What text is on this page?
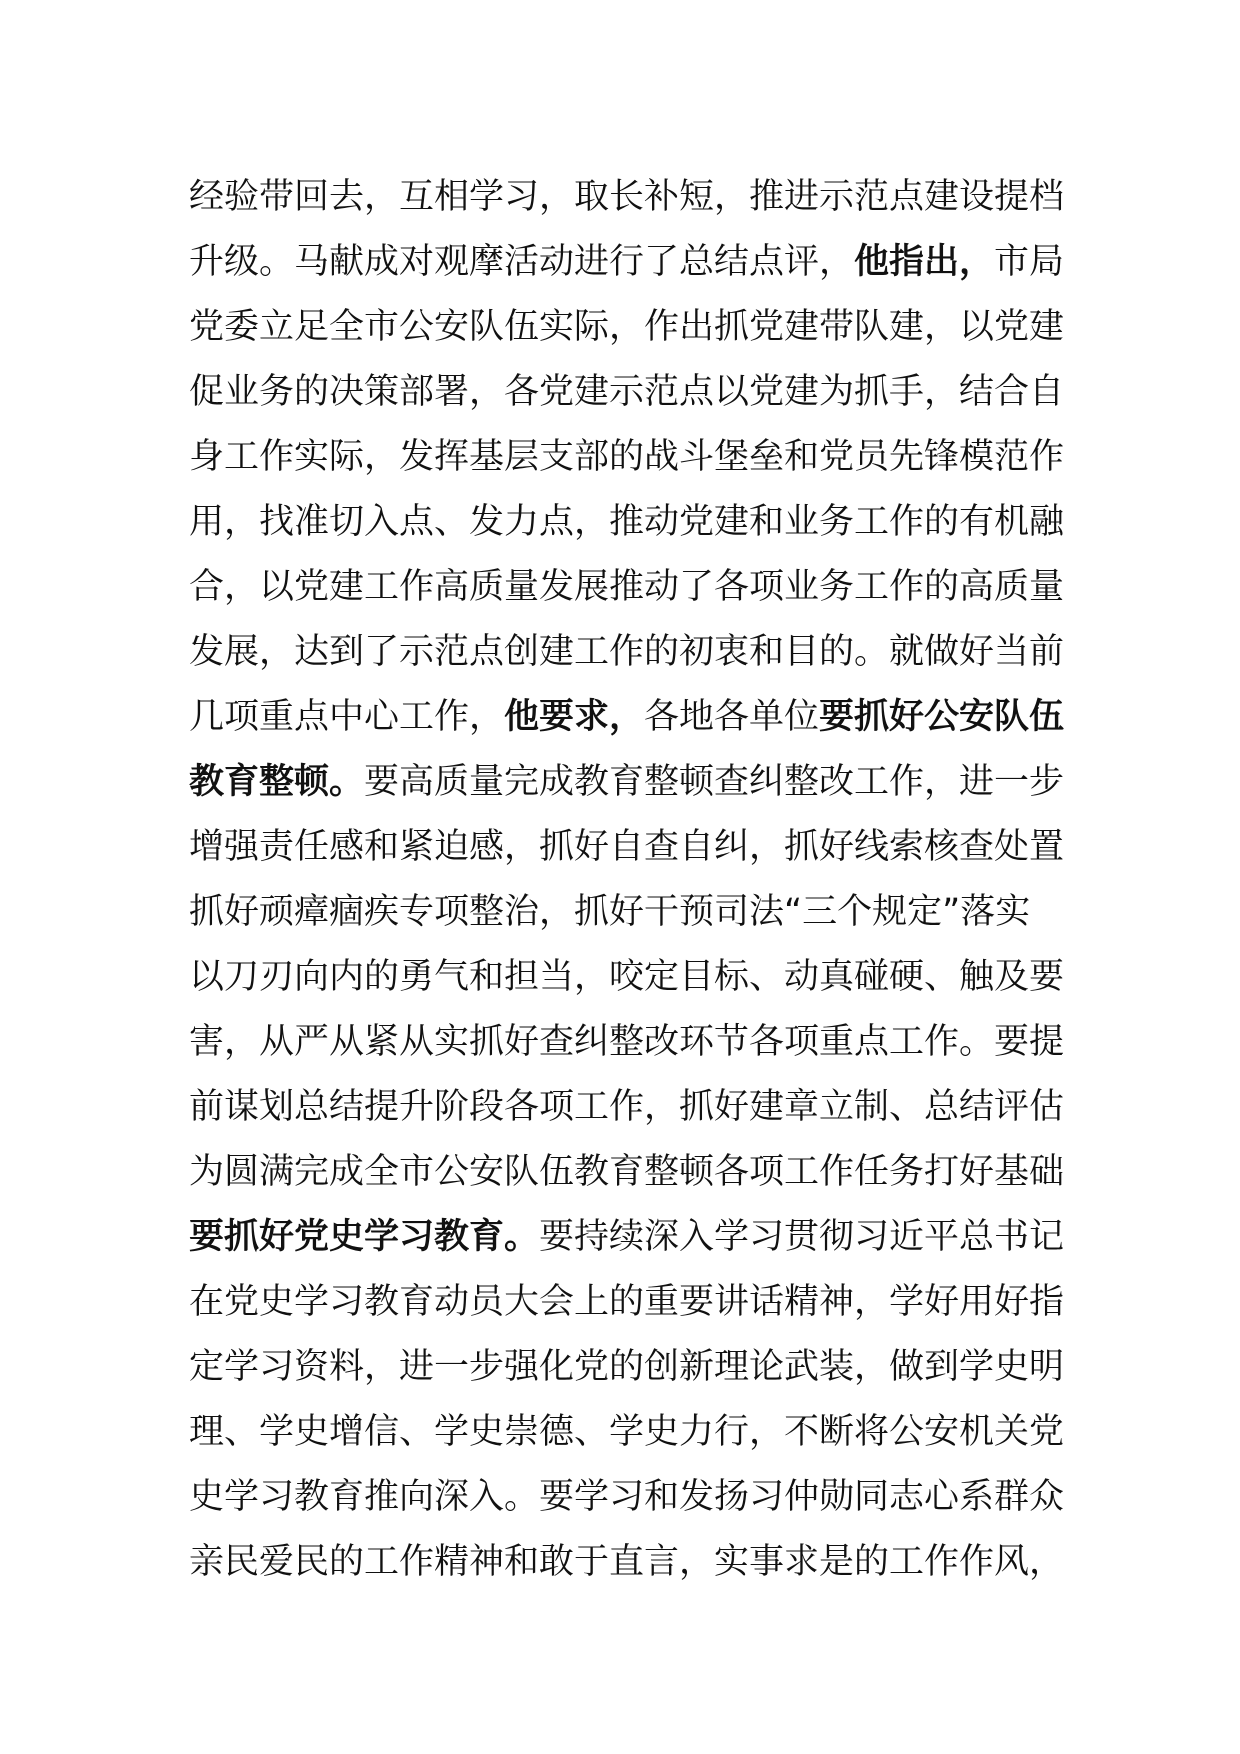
经验带回去，互相学习，取长补短，推进示范点建设提档
升级。马献成对观摩活动进行了总结点评，他指出，市局
党委立足全市公安队伍实际，作出抓党建带队建，以党建
促业务的决策部署，各党建示范点以党建为抓手，结合自
身工作实际，发挥基层支部的战斗堡垒和党员先锋模范作
用，找准切入点、发力点，推动党建和业务工作的有机融
合，以党建工作高质量发展推动了各项业务工作的高质量
发展，达到了示范点创建工作的初衷和目的。就做好当前
几项重点中心工作，他要求，各地各单位要抓好公安队伍
教育整顿。要高质量完成教育整顿查纠整改工作，进一步
增强责任感和紧迫感，抓好自查自纠，抓好线索核查处置
抓好顽瘴痼疾专项整治，抓好干预司法“三个规定”落实
以刀刃向内的勇气和担当，咬定目标、动真碰硬、触及要
害，从严从紧从实抓好查纠整改环节各项重点工作。要提
前谋划总结提升阶段各项工作，抓好建章立制、总结评估
为圆满完成全市公安队伍教育整顿各项工作任务打好基础
要抓好党史学习教育。要持续深入学习贯彻习近平总书记
在党史学习教育动员大会上的重要讲话精神，学好用好指
定学习资料，进一步强化党的创新理论武装，做到学史明
理、学史增信、学史崇德、学史力行，不断将公安机关党
史学习教育推向深入。要学习和发扬习仲勋同志心系群众
亲民爱民的工作精神和敢于直言，实事求是的工作作风，
